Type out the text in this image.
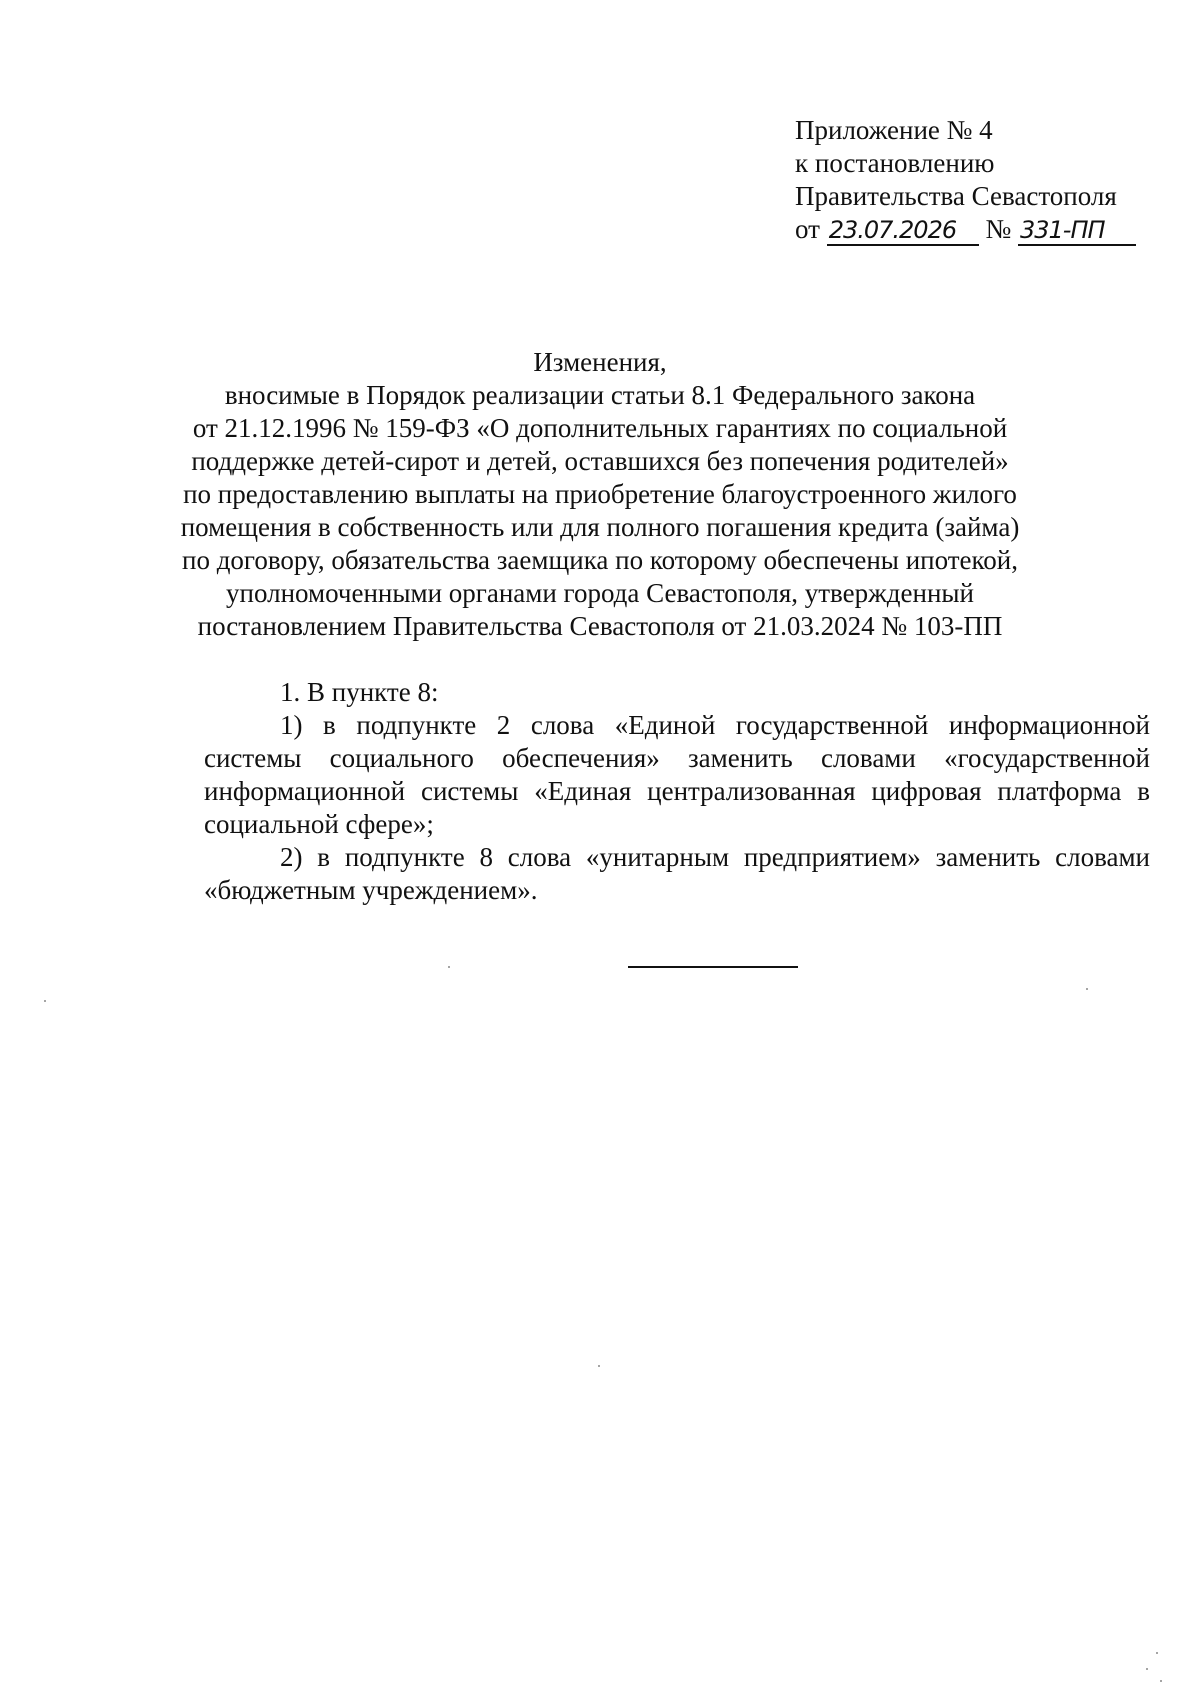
Приложение № 4
к постановлению
Правительства Севастополя
от 23.07.2026 № 331-ПП
Изменения,
вносимые в Порядок реализации статьи 8.1 Федерального закона
от 21.12.1996 № 159-ФЗ «О дополнительных гарантиях по социальной
поддержке детей-сирот и детей, оставшихся без попечения родителей»
по предоставлению выплаты на приобретение благоустроенного жилого
помещения в собственность или для полного погашения кредита (займа)
по договору, обязательства заемщика по которому обеспечены ипотекой,
уполномоченными органами города Севастополя, утвержденный
постановлением Правительства Севастополя от 21.03.2024 № 103-ПП

1. В пункте 8:

1) в подпункте 2 слова «Единой государственной информационной системы социального обеспечения» заменить словами «государственной информационной системы «Единая централизованная цифровая платформа в социальной сфере»;

2) в подпункте 8 слова «унитарным предприятием» заменить словами «бюджетным учреждением».
